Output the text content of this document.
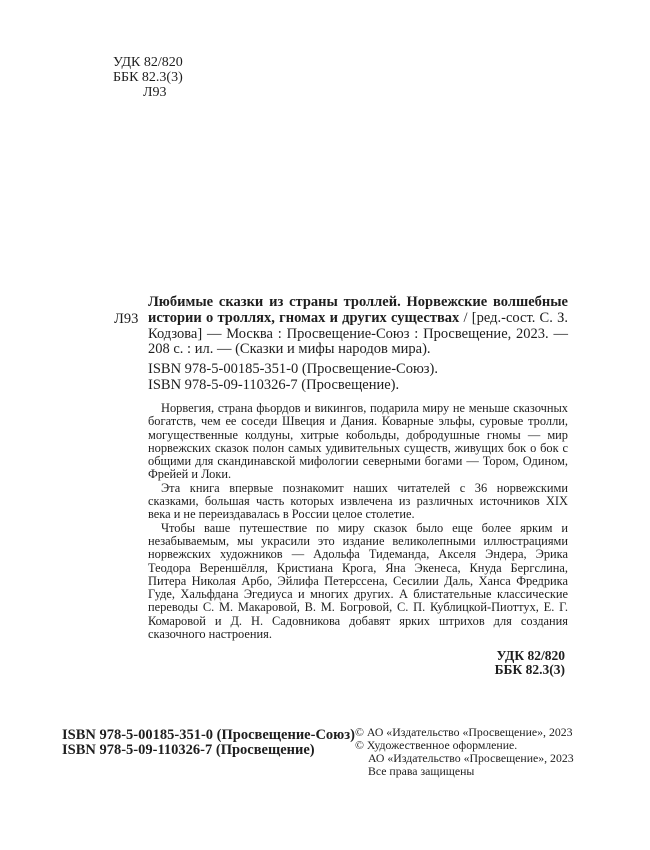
УДК 82/820
ББК 82.3(3)
Л93
Л93

Любимые сказки из страны троллей. Норвежские волшебные истории о троллях, гномах и других существах / [ред.-сост. С. З. Кодзова] — Москва : Просвещение-Союз : Просвещение, 2023. — 208 с. : ил. — (Сказки и мифы народов мира).

ISBN 978-5-00185-351-0 (Просвещение-Союз).
ISBN 978-5-09-110326-7 (Просвещение).

Норвегия, страна фьордов и викингов, подарила миру не меньше сказочных богатств, чем ее соседи Швеция и Дания. Коварные эльфы, суровые тролли, могущественные колдуны, хитрые кобольды, добродушные гномы — мир норвежских сказок полон самых удивительных существ, живущих бок о бок с общими для скандинавской мифологии северными богами — Тором, Одином, Фрейей и Локи.

Эта книга впервые познакомит наших читателей с 36 норвежскими сказками, большая часть которых извлечена из различных источников XIX века и не переиздавалась в России целое столетие.

Чтобы ваше путешествие по миру сказок было еще более ярким и незабываемым, мы украсили это издание великолепными иллюстрациями норвежских художников — Адольфа Тидеманда, Акселя Эндера, Эрика Теодора Вереншёлля, Кристиана Крога, Яна Экенеса, Кнуда Бергслина, Питера Николая Арбо, Эйлифа Петерссена, Сесилии Даль, Ханса Фредрика Гуде, Хальфдана Эгедиуса и многих других. А блистательные классические переводы С. М. Макаровой, В. М. Богровой, С. П. Кублицкой-Пиоттух, Е. Г. Комаровой и Д. Н. Садовникова добавят ярких штрихов для создания сказочного настроения.

УДК 82/820
ББК 82.3(3)
ISBN 978-5-00185-351-0 (Просвещение-Союз)
ISBN 978-5-09-110326-7 (Просвещение)
© АО «Издательство «Просвещение», 2023
© Художественное оформление.
АО «Издательство «Просвещение», 2023
Все права защищены
